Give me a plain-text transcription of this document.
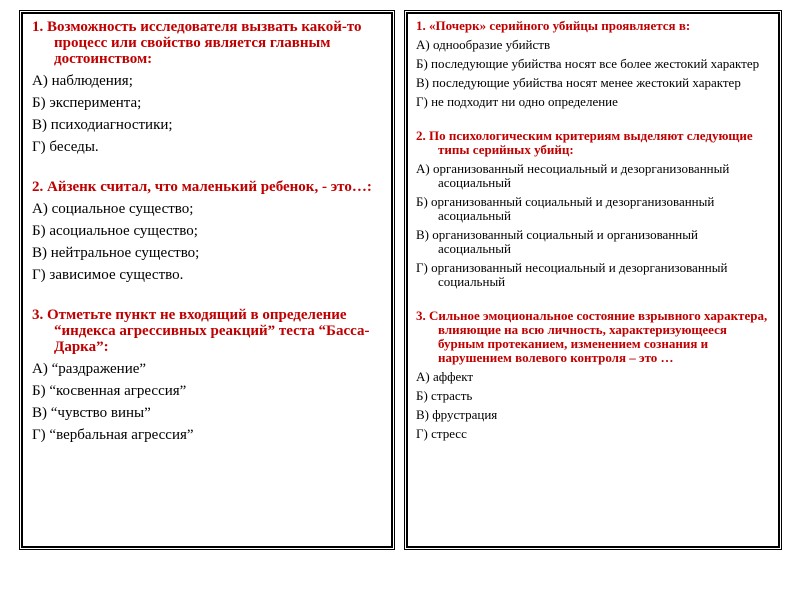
1. Возможность исследователя вызвать какой-то процесс или свойство является главным достоинством:
А) наблюдения;
Б) эксперимента;
В) психодиагностики;
Г) беседы.
2. Айзенк считал, что маленький ребенок, - это…:
А) социальное существо;
Б) асоциальное существо;
В) нейтральное существо;
Г) зависимое существо.
3. Отметьте пункт не входящий в определение “индекса агрессивных реакций” теста “Басса-Дарка”:
А) “раздражение”
Б) “косвенная агрессия”
В) “чувство вины”
Г) “вербальная агрессия”
1. «Почерк» серийного убийцы проявляется в:
А) однообразие убийств
Б) последующие убийства носят все более жестокий характер
В) последующие убийства носят менее жестокий характер
Г) не подходит ни одно определение
2. По психологическим критериям выделяют следующие типы серийных убийц:
А) организованный несоциальный и дезорганизованный асоциальный
Б) организованный социальный и дезорганизованный асоциальный
В) организованный социальный и организованный асоциальный
Г) организованный несоциальный и дезорганизованный социальный
3. Сильное эмоциональное состояние взрывного характера, влияющие на всю личность, характеризующееся бурным протеканием, изменением сознания и нарушением волевого контроля – это …
А) аффект
Б) страсть
В) фрустрация
Г) стресс
